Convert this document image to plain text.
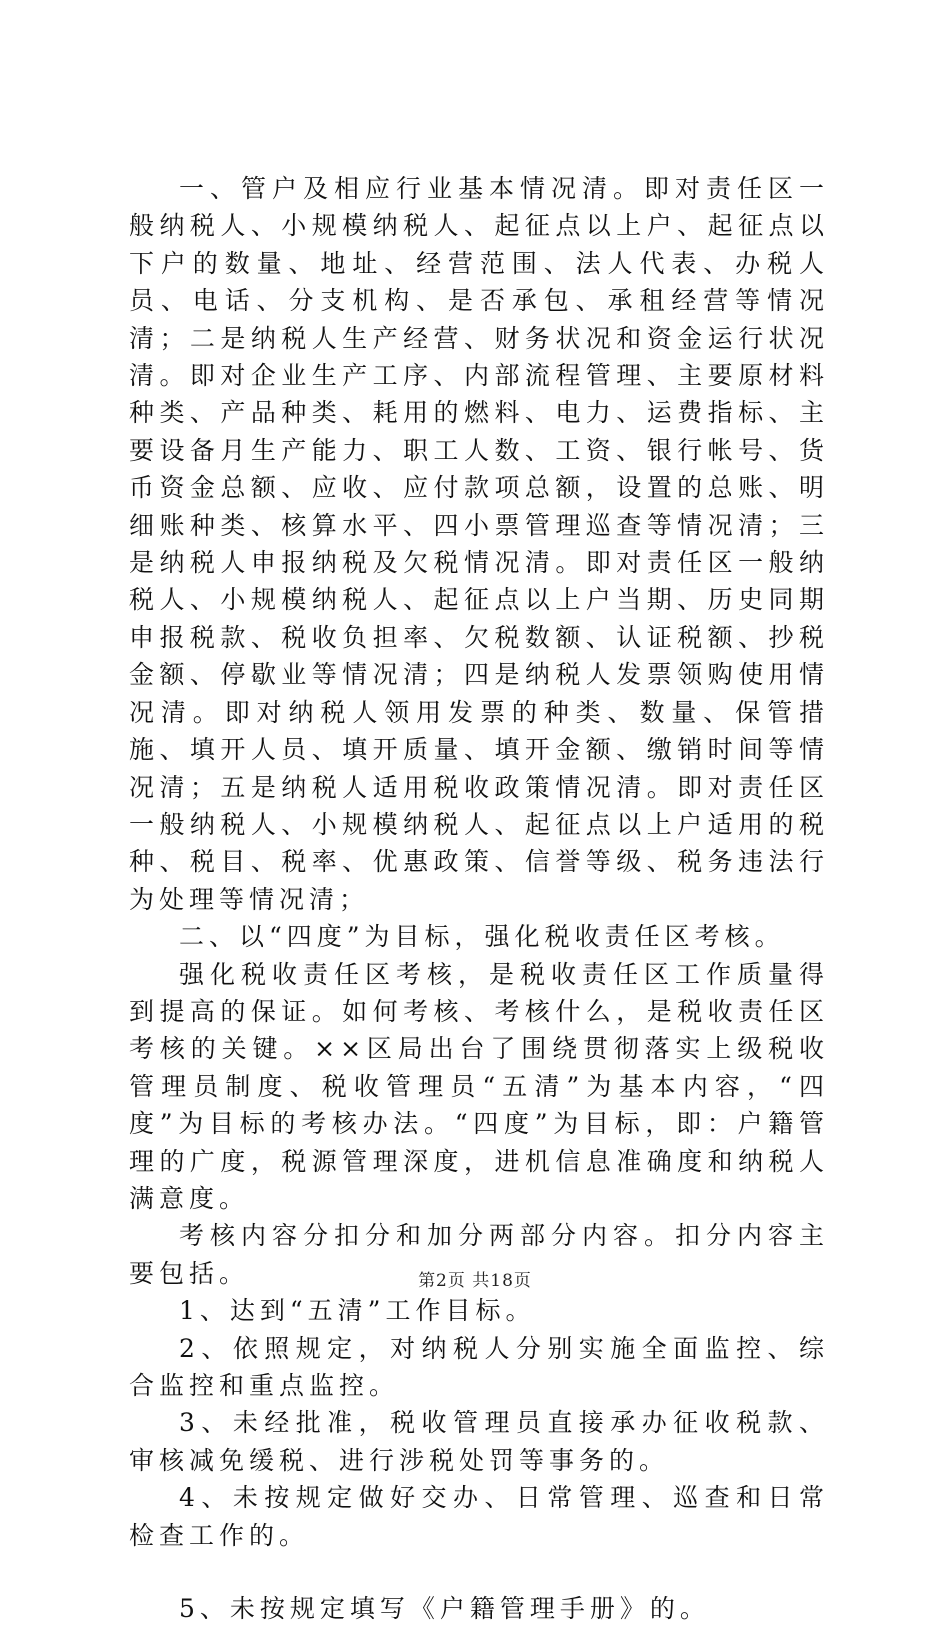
一、管户及相应行业基本情况清。即对责任区一般纳税人、小规模纳税人、起征点以上户、起征点以下户的数量、地址、经营范围、法人代表、办税人员、电话、分支机构、是否承包、承租经营等情况清；二是纳税人生产经营、财务状况和资金运行状况清。即对企业生产工序、内部流程管理、主要原材料种类、产品种类、耗用的燃料、电力、运费指标、主要设备月生产能力、职工人数、工资、银行帐号、货币资金总额、应收、应付款项总额，设置的总账、明细账种类、核算水平、四小票管理巡查等情况清；三是纳税人申报纳税及欠税情况清。即对责任区一般纳税人、小规模纳税人、起征点以上户当期、历史同期申报税款、税收负担率、欠税数额、认证税额、抄税金额、停歇业等情况清；四是纳税人发票领购使用情况清。即对纳税人领用发票的种类、数量、保管措施、填开人员、填开质量、填开金额、缴销时间等情况清；五是纳税人适用税收政策情况清。即对责任区一般纳税人、小规模纳税人、起征点以上户适用的税种、税目、税率、优惠政策、信誉等级、税务违法行为处理等情况清；

二、以“四度”为目标，强化税收责任区考核。

强化税收责任区考核，是税收责任区工作质量得到提高的保证。如何考核、考核什么，是税收责任区考核的关键。××区局出台了围绕贯彻落实上级税收管理员制度、税收管理员“五清”为基本内容，“四度”为目标的考核办法。“四度”为目标，即：户籍管理的广度，税源管理深度，进机信息准确度和纳税人满意度。

考核内容分扣分和加分两部分内容。扣分内容主要包括。

1、达到“五清”工作目标。

2、依照规定，对纳税人分别实施全面监控、综合监控和重点监控。

3、未经批准，税收管理员直接承办征收税款、审核减免缓税、进行涉税处罚等事务的。

4、未按规定做好交办、日常管理、巡查和日常检查工作的。

5、未按规定填写《户籍管理手册》的。

第2页 共18页
